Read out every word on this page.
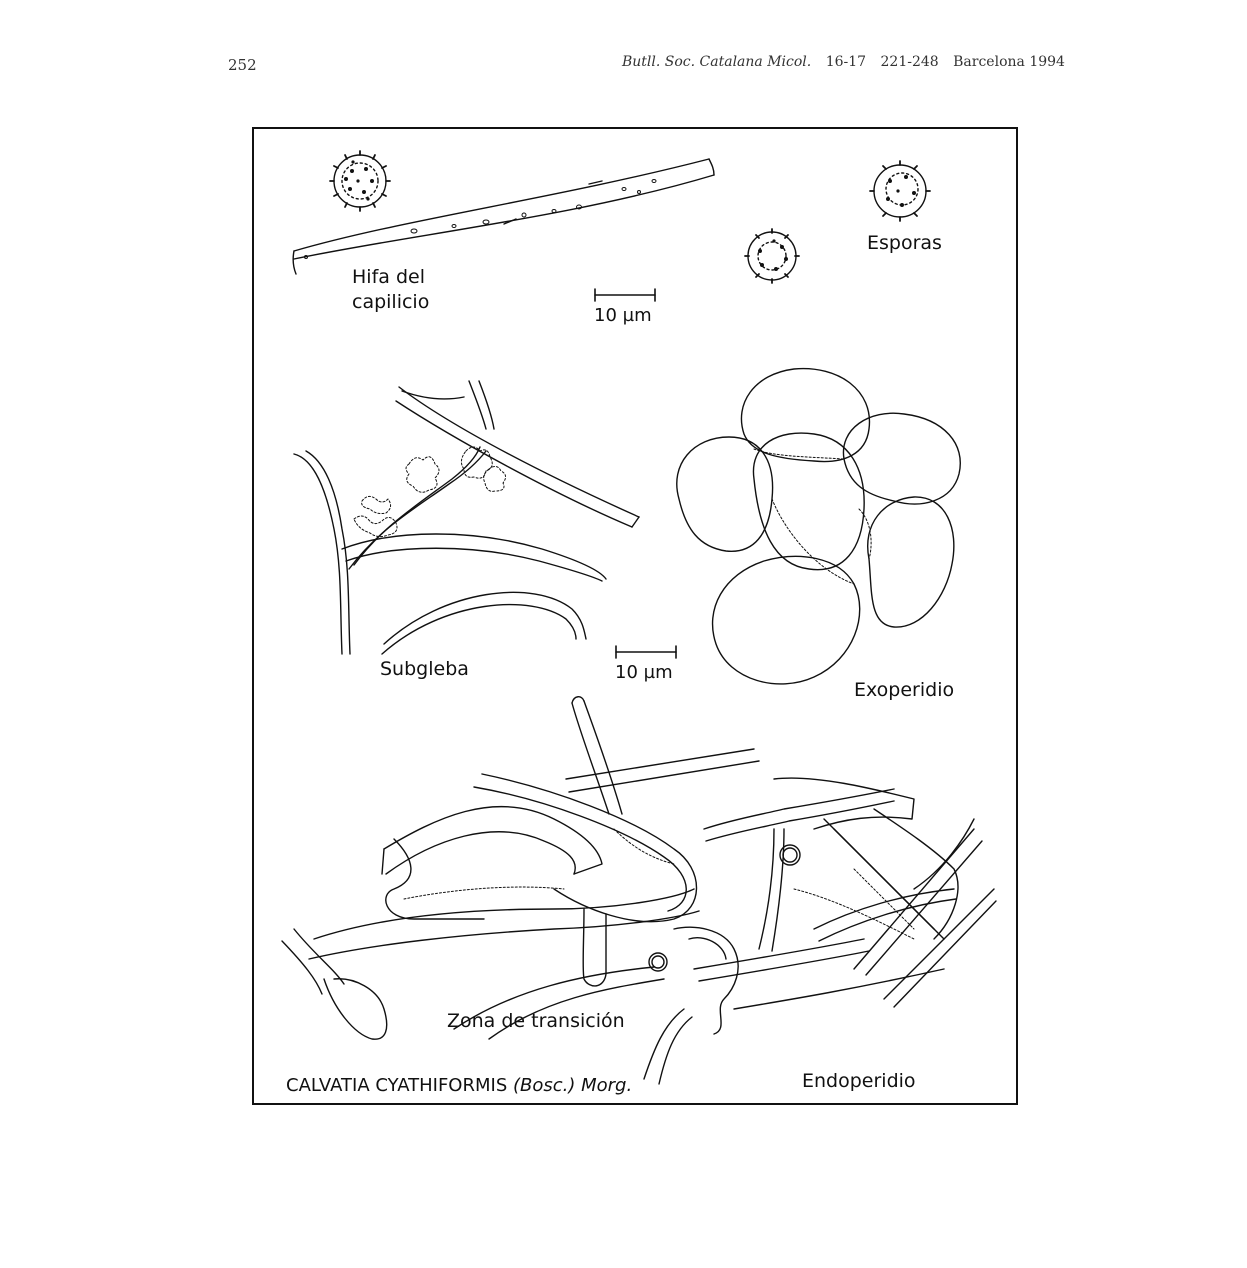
252	Butll. Soc. Catalana Micol. 16-17 221-248 Barcelona 1994
Hifa del
capilicio
Esporas
10 µm
Subgleba	10 µm
Exoperidio
Zona de transición
Endoperidio
CALVATIA CYATHIFORMIS (Bosc.) Morg.
